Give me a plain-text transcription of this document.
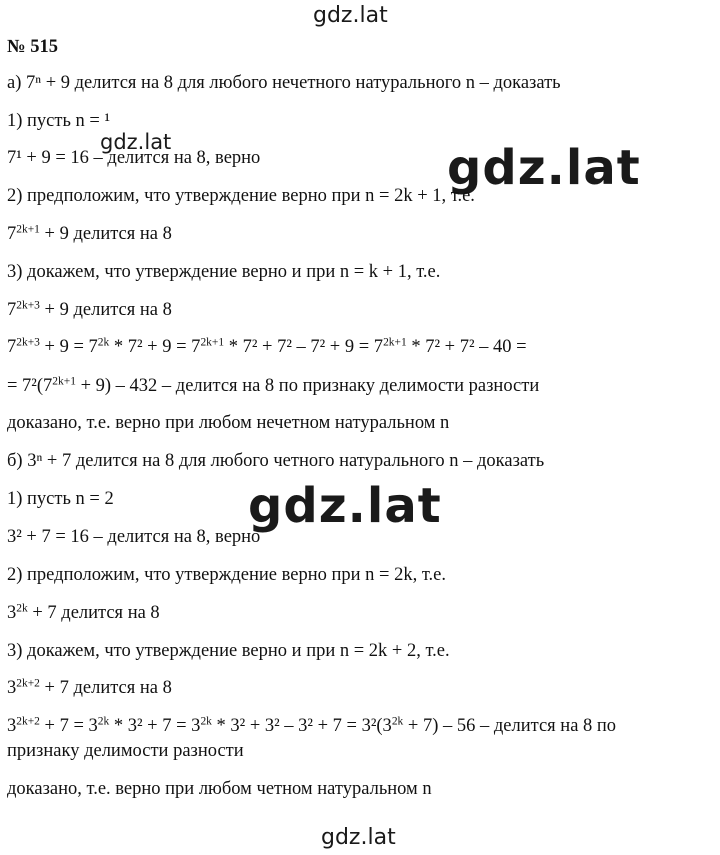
gdz.lat
gdz.lat	gdz.lat
gdz.lat
gdz.lat
№ 515
а) 7ⁿ + 9 делится на 8 для любого нечетного натурального n – доказать
1) пусть n = ¹
7¹ + 9 = 16 – делится на 8, верно
2) предположим, что утверждение верно при n = 2k + 1, т.е.
$7^{2k+1} + 9$ делится на 8
3) докажем, что утверждение верно и при n = k + 1, т.е.
$7^{2k+3} + 9$ делится на 8
$7^{2k+3} + 9 = 7^{2k} * 7^2 + 9 = 7^{2k+1} * 7^2 + 7^2 - 7^2 + 9 = 7^{2k+1} * 7^2 + 7^2 - 40$ =
= $7^2(7^{2k+1} + 9) - 432$ – делится на 8 по признаку делимости разности
доказано, т.е. верно при любом нечетном натуральном n
б) 3ⁿ + 7 делится на 8 для любого четного натурального n – доказать
1) пусть n = 2
3² + 7 = 16 – делится на 8, верно
2) предположим, что утверждение верно при n = 2k, т.е.
$3^{2k} + 7$ делится на 8
3) докажем, что утверждение верно и при n = 2k + 2, т.е.
$3^{2k+2} + 7$ делится на 8
$3^{2k+2} + 7 = 3^{2k} * 3^2 + 7 = 3^{2k} * 3^2 + 3^2 - 3^2 + 7 = 3^2(3^{2k} + 7) - 56$ – делится на 8 по
признаку делимости разности
доказано, т.е. верно при любом четном натуральном n
